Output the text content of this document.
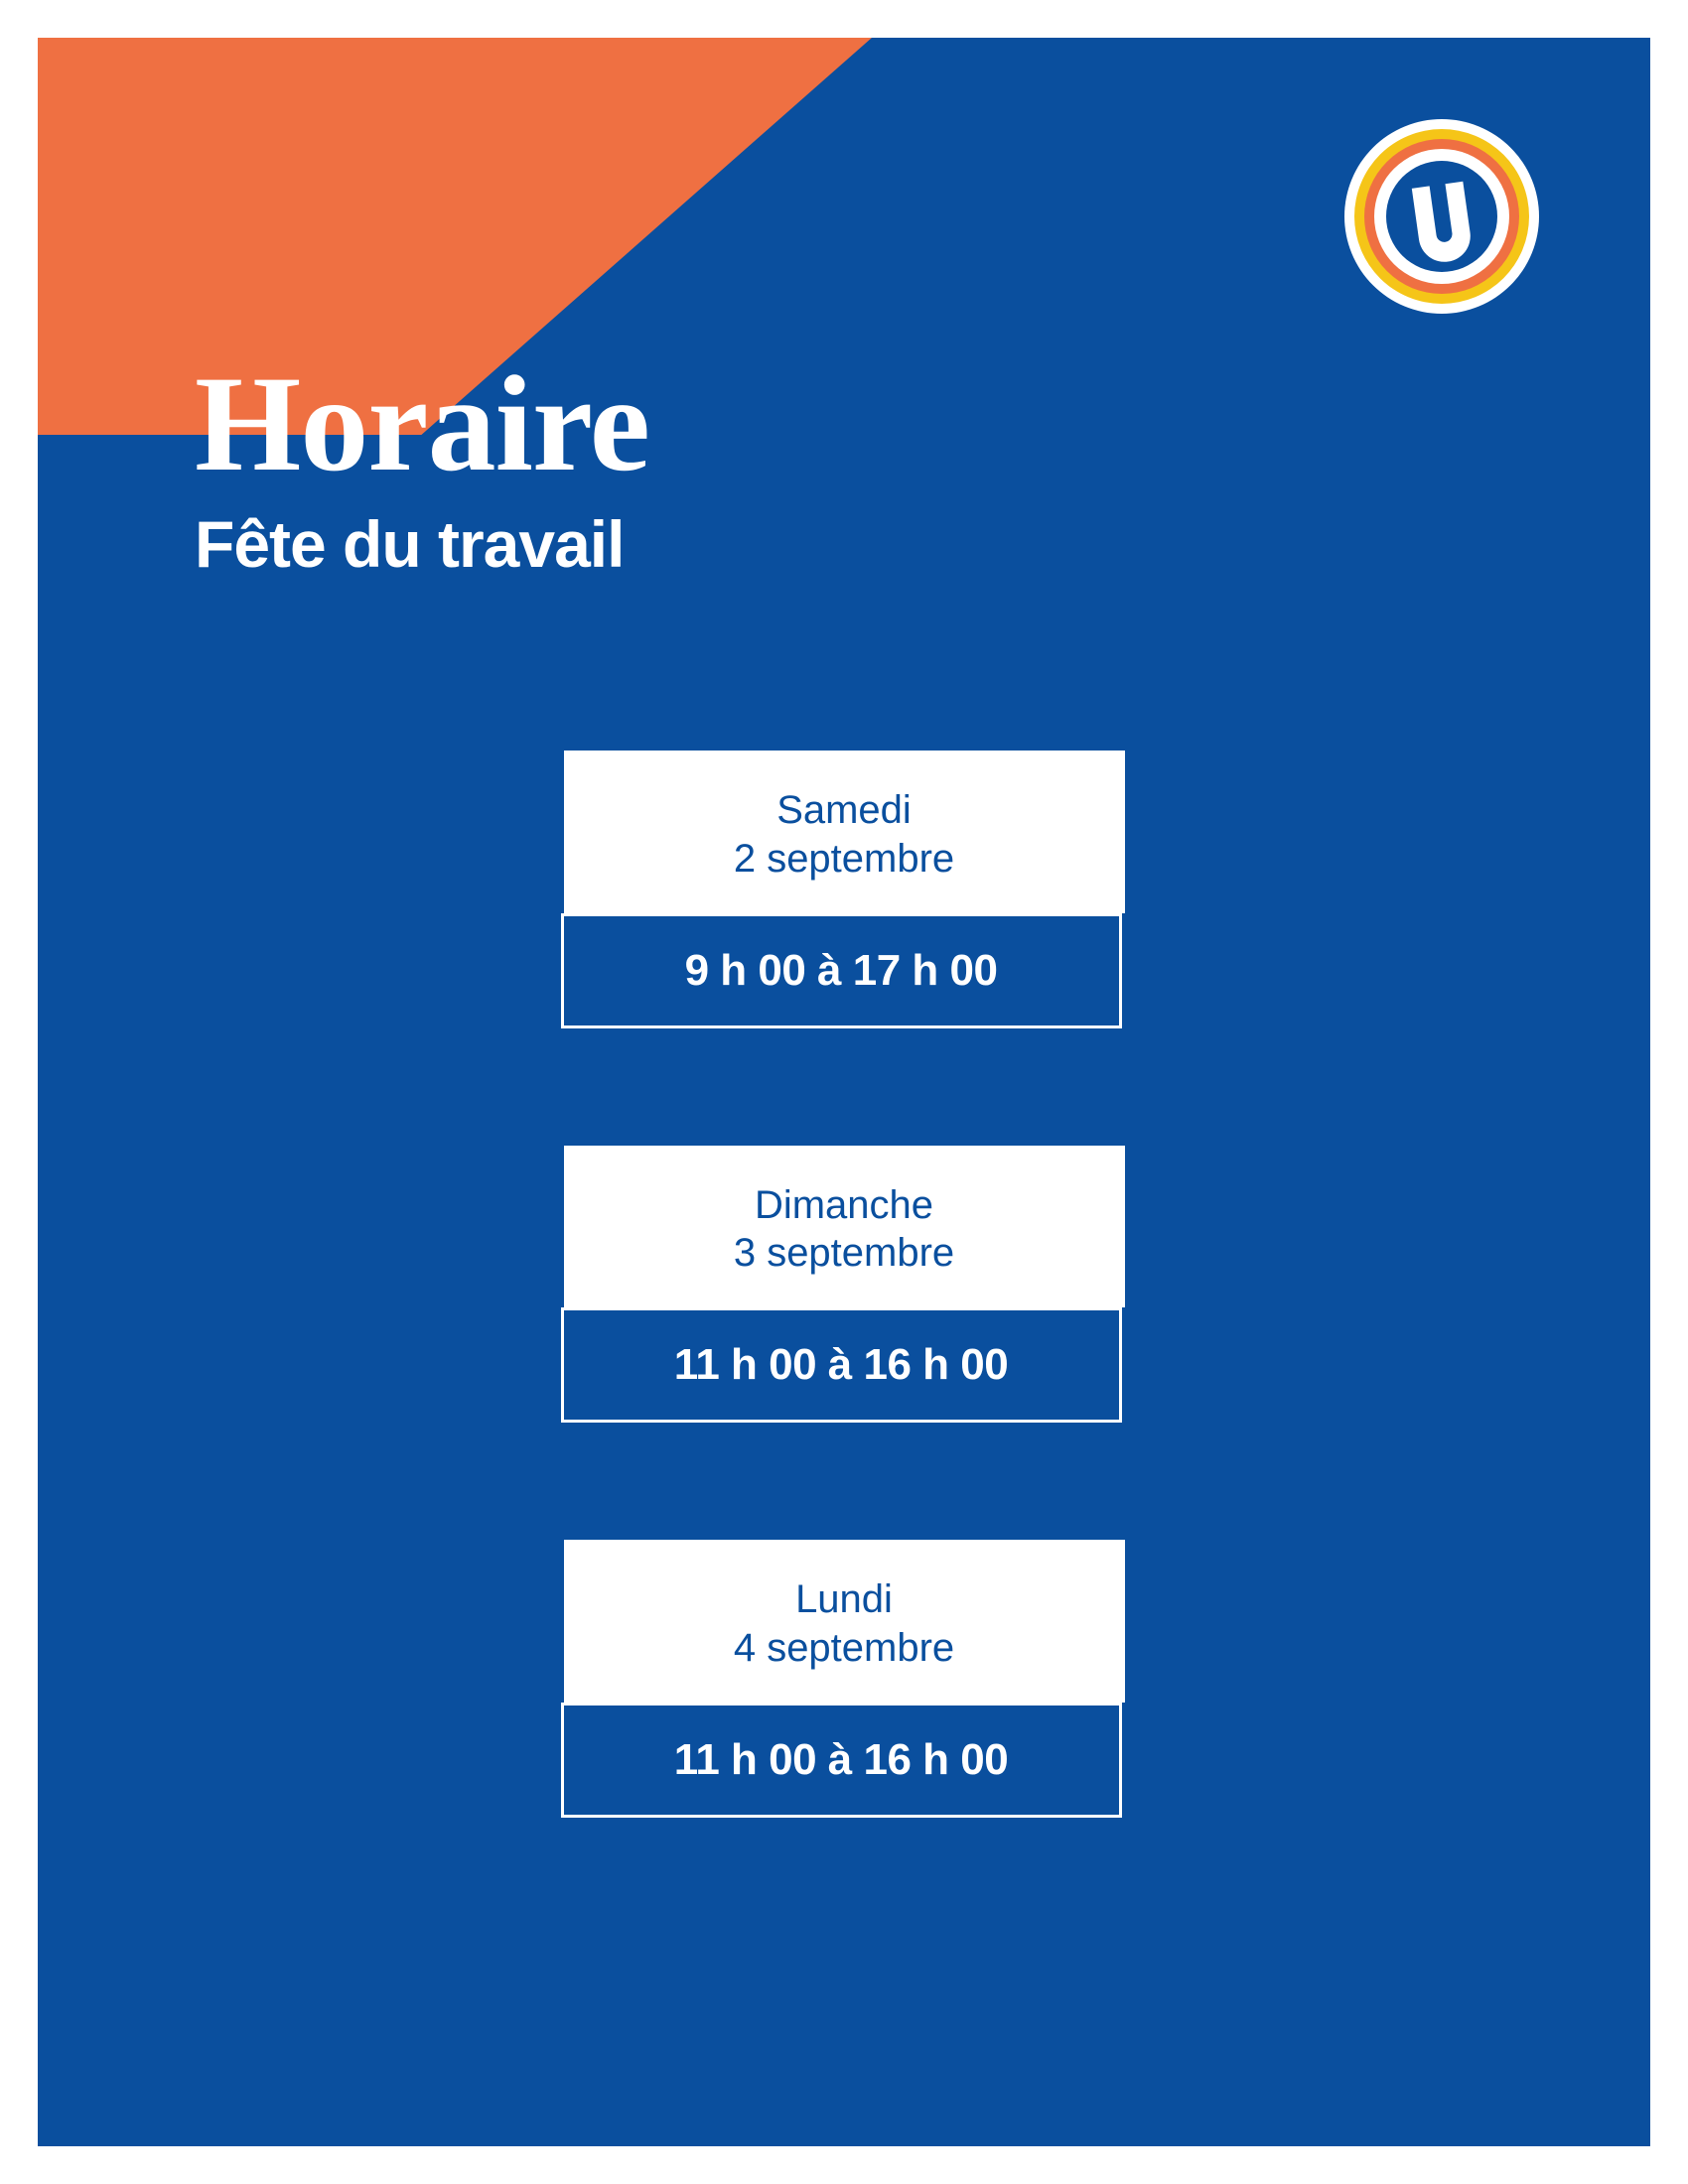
Horaire
Fête du travail
Samedi
2 septembre
9 h 00 à 17 h 00
Dimanche
3 septembre
11 h 00 à 16 h 00
Lundi
4 septembre
11 h 00 à 16 h 00
